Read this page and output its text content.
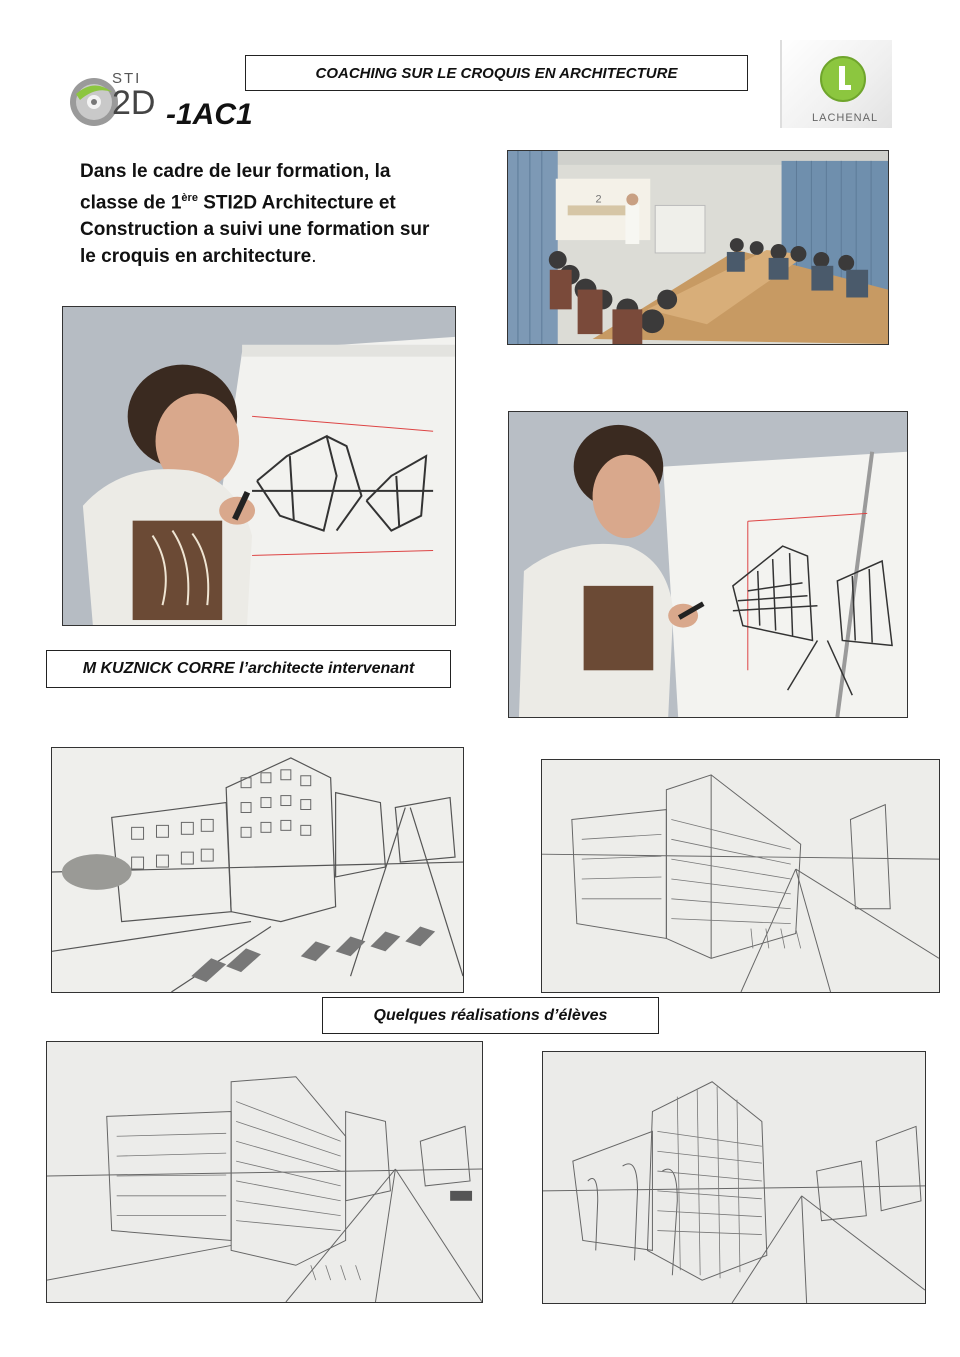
COACHING SUR LE CROQUIS EN ARCHITECTURE
STI
2D -1AC1	LACHENAL
Dans le cadre de leur formation, la
classe de 1ère STI2D Architecture et
Construction a suivi une formation sur
le croquis en architecture.
2
M KUZNICK CORRE l’architecte intervenant
Quelques réalisations d’élèves
